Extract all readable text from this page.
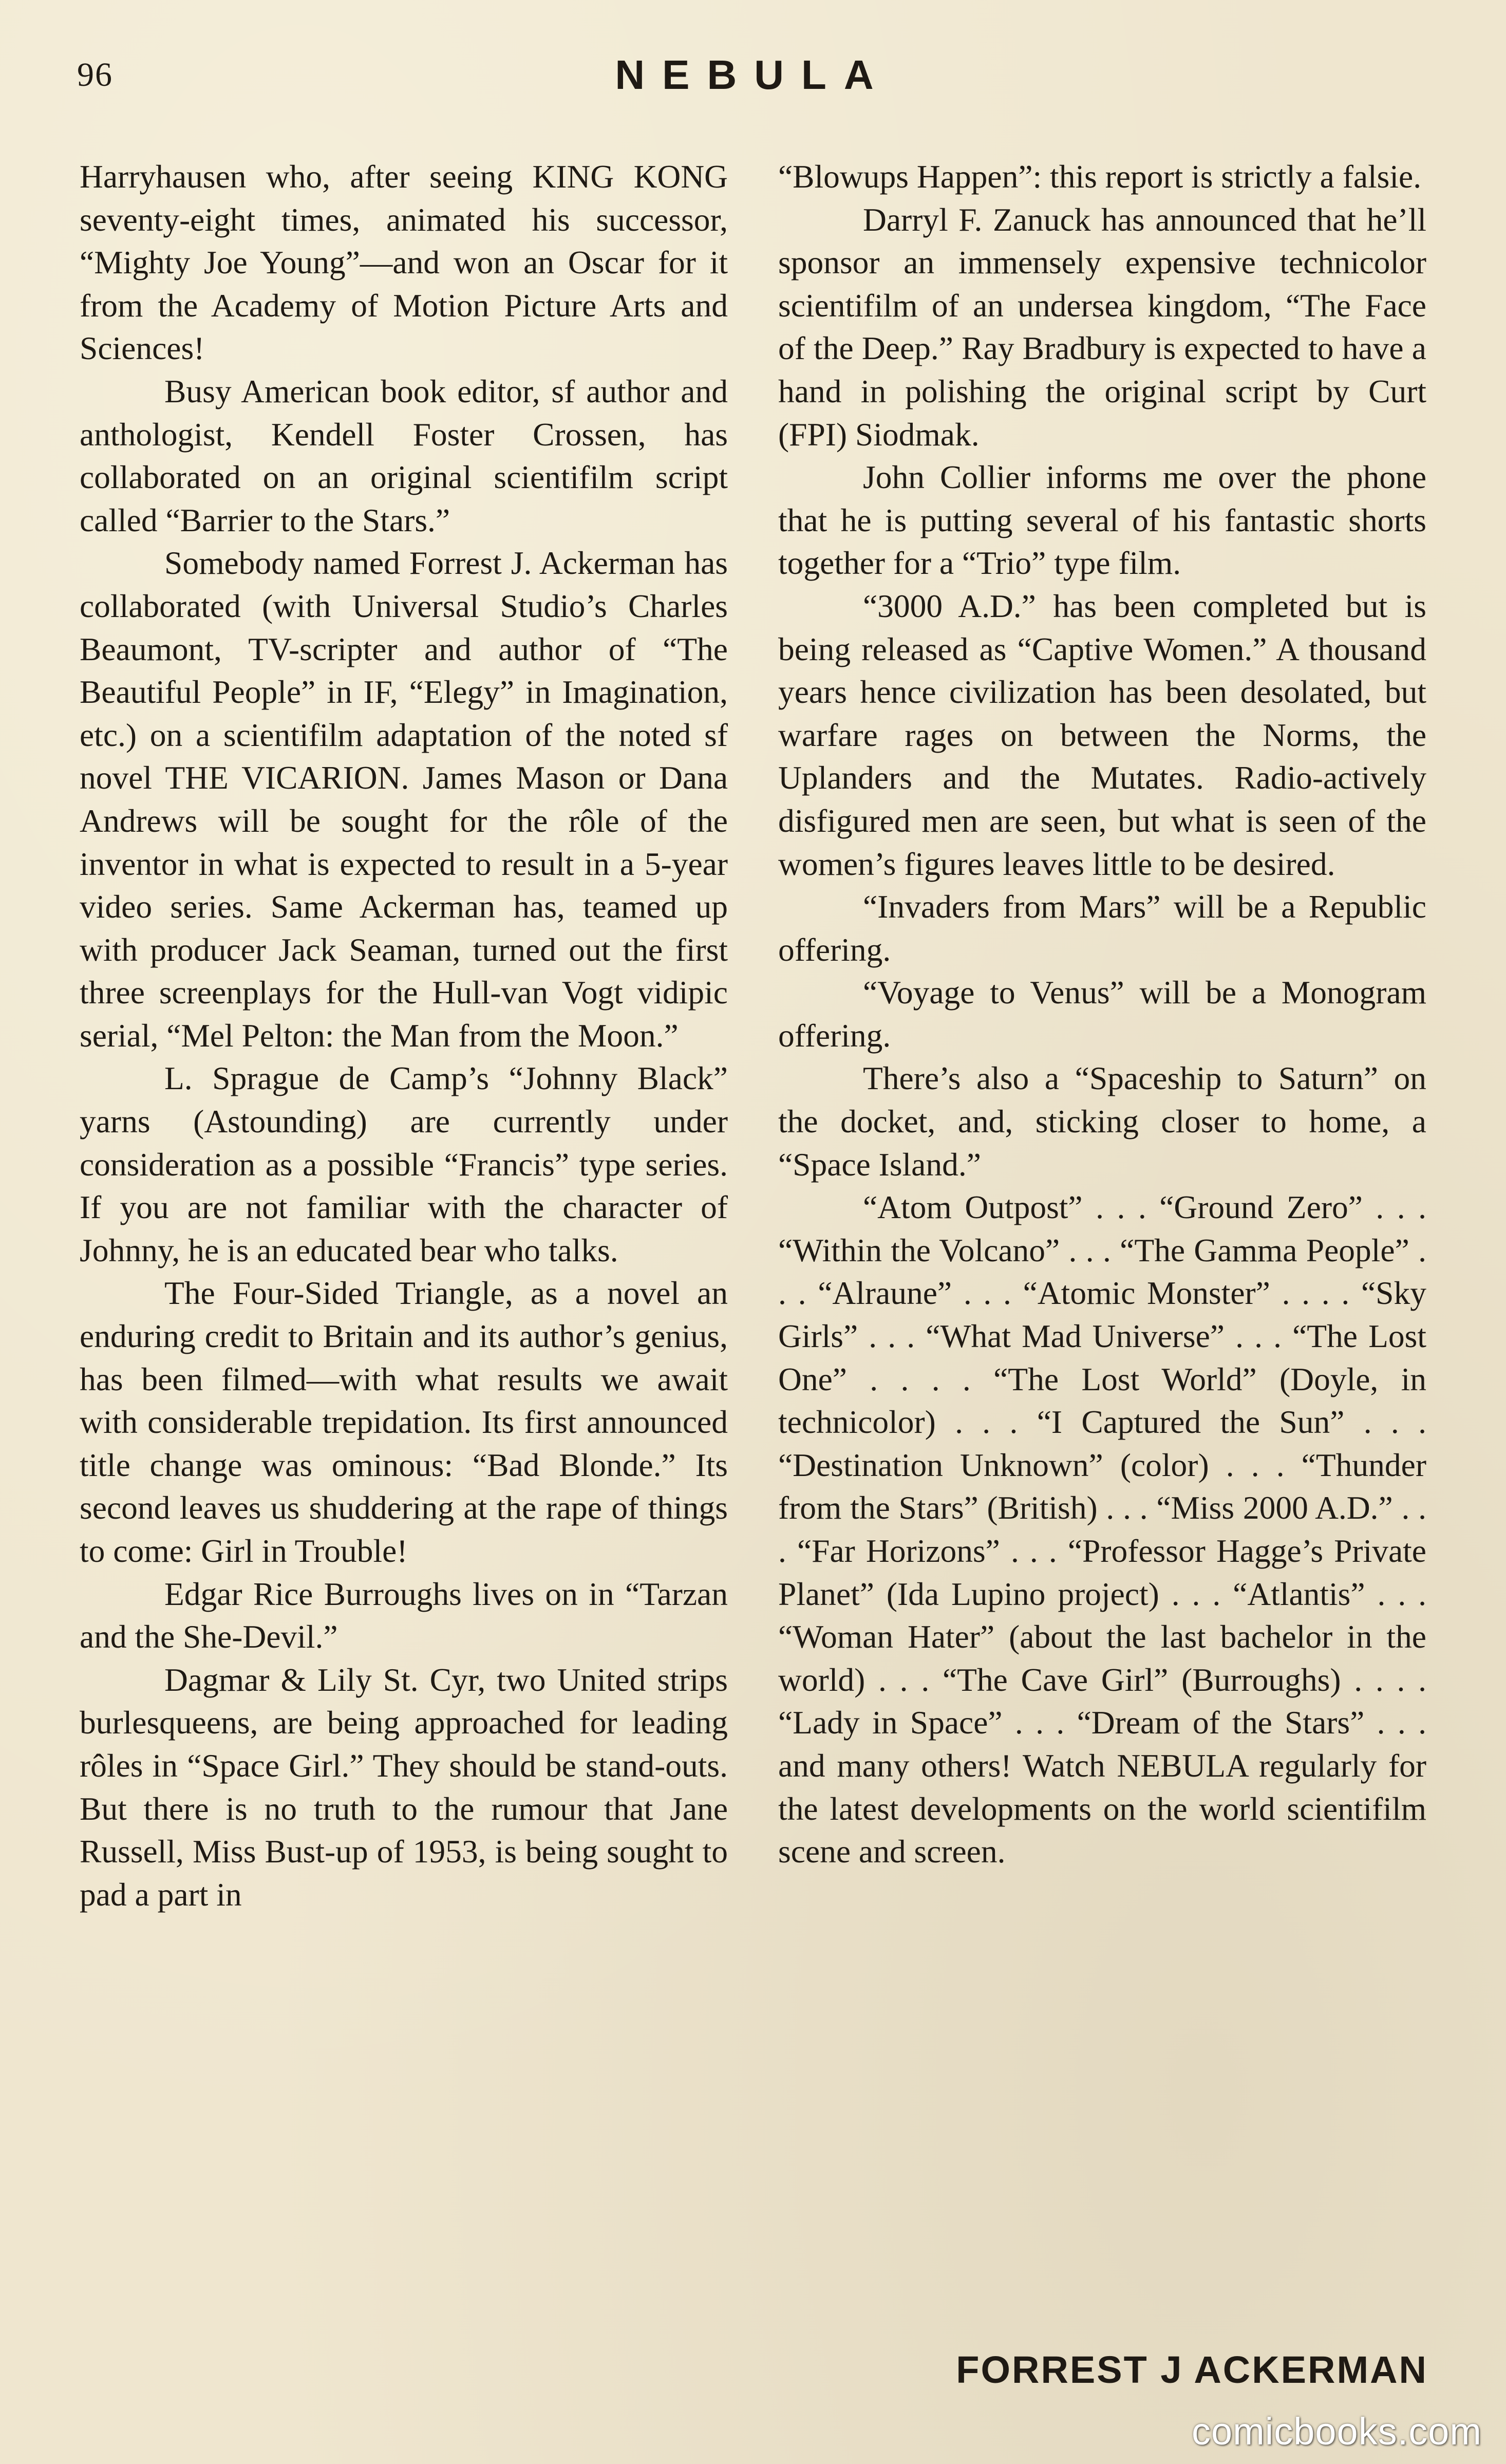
96	NEBULA

Harryhausen who, after seeing KING KONG seventy-eight times, animated his successor, “Mighty Joe Young”—and won an Oscar for it from the Academy of Motion Picture Arts and Sciences!

Busy American book editor, sf author and anthologist, Kendell Foster Crossen, has collaborated on an original scientifilm script called “Barrier to the Stars.”

Somebody named Forrest J. Ackerman has collaborated (with Universal Studio’s Charles Beaumont, TV-scripter and author of “The Beautiful People” in IF, “Elegy” in Imagination, etc.) on a scientifilm adaptation of the noted sf novel THE VICARION. James Mason or Dana Andrews will be sought for the rôle of the inventor in what is expected to result in a 5-year video series. Same Ackerman has, teamed up with producer Jack Seaman, turned out the first three screenplays for the Hull-van Vogt vidipic serial, “Mel Pelton: the Man from the Moon.”

L. Sprague de Camp’s “Johnny Black” yarns (Astounding) are currently under consideration as a possible “Francis” type series. If you are not familiar with the character of Johnny, he is an educated bear who talks.

The Four-Sided Triangle, as a novel an enduring credit to Britain and its author’s genius, has been filmed—with what results we await with considerable trepidation. Its first announced title change was ominous: “Bad Blonde.” Its second leaves us shuddering at the rape of things to come: Girl in Trouble!

Edgar Rice Burroughs lives on in “Tarzan and the She-Devil.”

Dagmar & Lily St. Cyr, two United strips burlesqueens, are being approached for leading rôles in “Space Girl.” They should be stand-outs. But there is no truth to the rumour that Jane Russell, Miss Bust-up of 1953, is being sought to pad a part in

“Blowups Happen”: this report is strictly a falsie.

Darryl F. Zanuck has announced that he’ll sponsor an immensely expensive technicolor scientifilm of an undersea kingdom, “The Face of the Deep.” Ray Bradbury is expected to have a hand in polishing the original script by Curt (FPI) Siodmak.

John Collier informs me over the phone that he is putting several of his fantastic shorts together for a “Trio” type film.

“3000 A.D.” has been completed but is being released as “Captive Women.” A thousand years hence civilization has been desolated, but warfare rages on between the Norms, the Uplanders and the Mutates. Radio-actively disfigured men are seen, but what is seen of the women’s figures leaves little to be desired.

“Invaders from Mars” will be a Republic offering.

“Voyage to Venus” will be a Monogram offering.

There’s also a “Spaceship to Saturn” on the docket, and, sticking closer to home, a “Space Island.”

“Atom Outpost” . . . “Ground Zero” . . . “Within the Volcano” . . . “The Gamma People” . . . “Alraune” . . . “Atomic Monster” . . . . “Sky Girls” . . . “What Mad Universe” . . . “The Lost One” . . . . “The Lost World” (Doyle, in technicolor) . . . “I Captured the Sun” . . . “Destination Unknown” (color) . . . “Thunder from the Stars” (British) . . . “Miss 2000 A.D.” . . . “Far Horizons” . . . “Professor Hagge’s Private Planet” (Ida Lupino project) . . . “Atlantis” . . . “Woman Hater” (about the last bachelor in the world) . . . “The Cave Girl” (Burroughs) . . . . “Lady in Space” . . . “Dream of the Stars” . . . and many others! Watch NEBULA regularly for the latest developments on the world scientifilm scene and screen.

FORREST J ACKERMAN
comicbooks.com
